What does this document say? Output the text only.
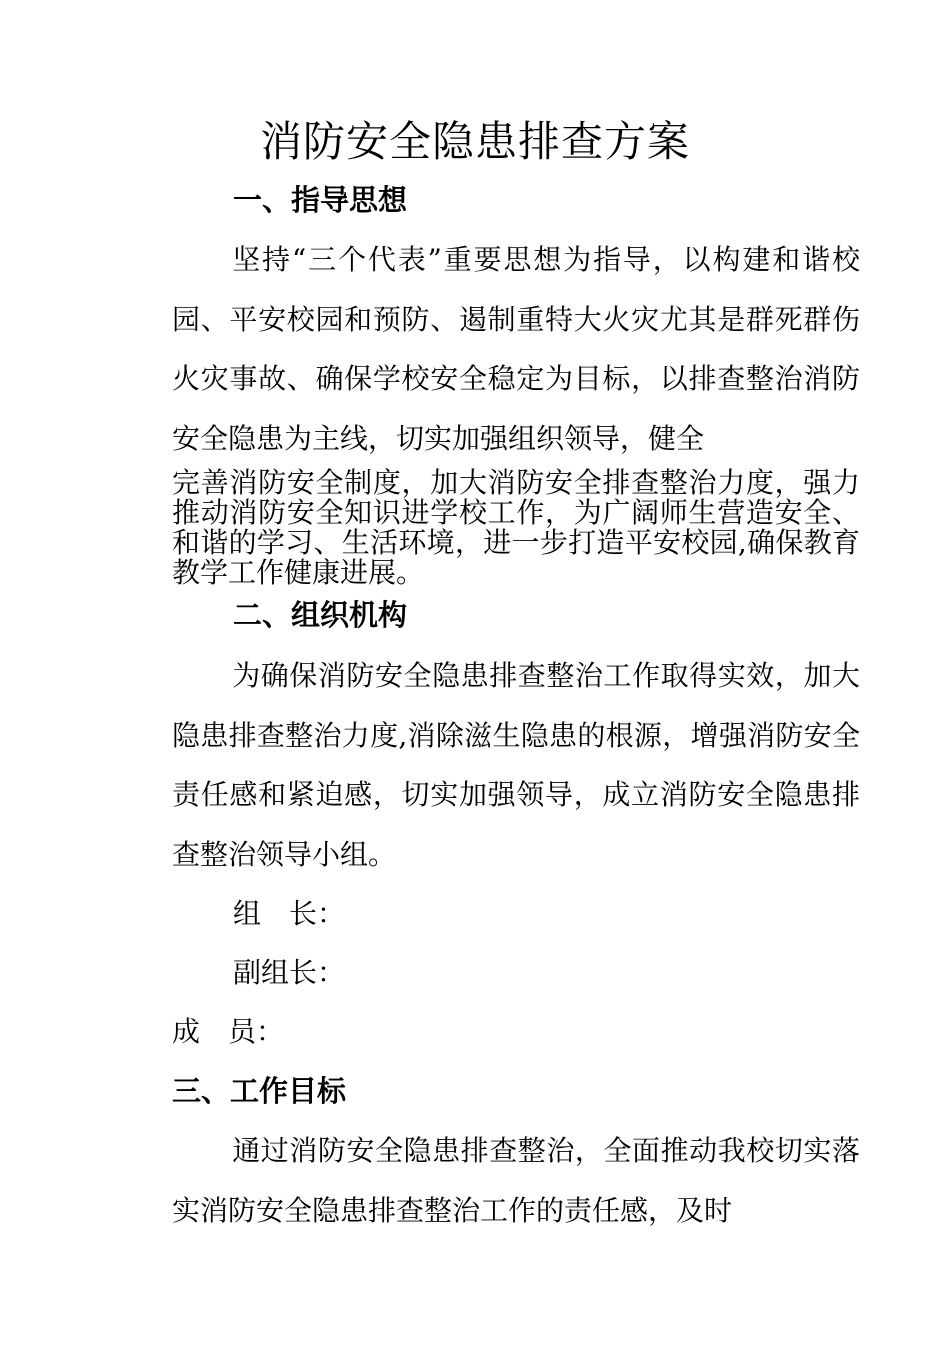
消防安全隐患排查方案
一、指导思想

坚持“三个代表”重要思想为指导，以构建和谐校园、平安校园和预防、遏制重特大火灾尤其是群死群伤火灾事故、确保学校安全稳定为目标，以排查整治消防安全隐患为主线，切实加强组织领导，健全

完善消防安全制度，加大消防安全排查整治力度，强力推动消防安全知识进学校工作，为广阔师生营造安全、和谐的学习、生活环境，进一步打造平安校园,确保教育教学工作健康进展。

二、组织机构

为确保消防安全隐患排查整治工作取得实效，加大隐患排查整治力度,消除滋生隐患的根源，增强消防安全责任感和紧迫感，切实加强领导，成立消防安全隐患排查整治领导小组。

组　长：

副组长：

成　员：

三、工作目标

通过消防安全隐患排查整治，全面推动我校切实落实消防安全隐患排查整治工作的责任感，及时
